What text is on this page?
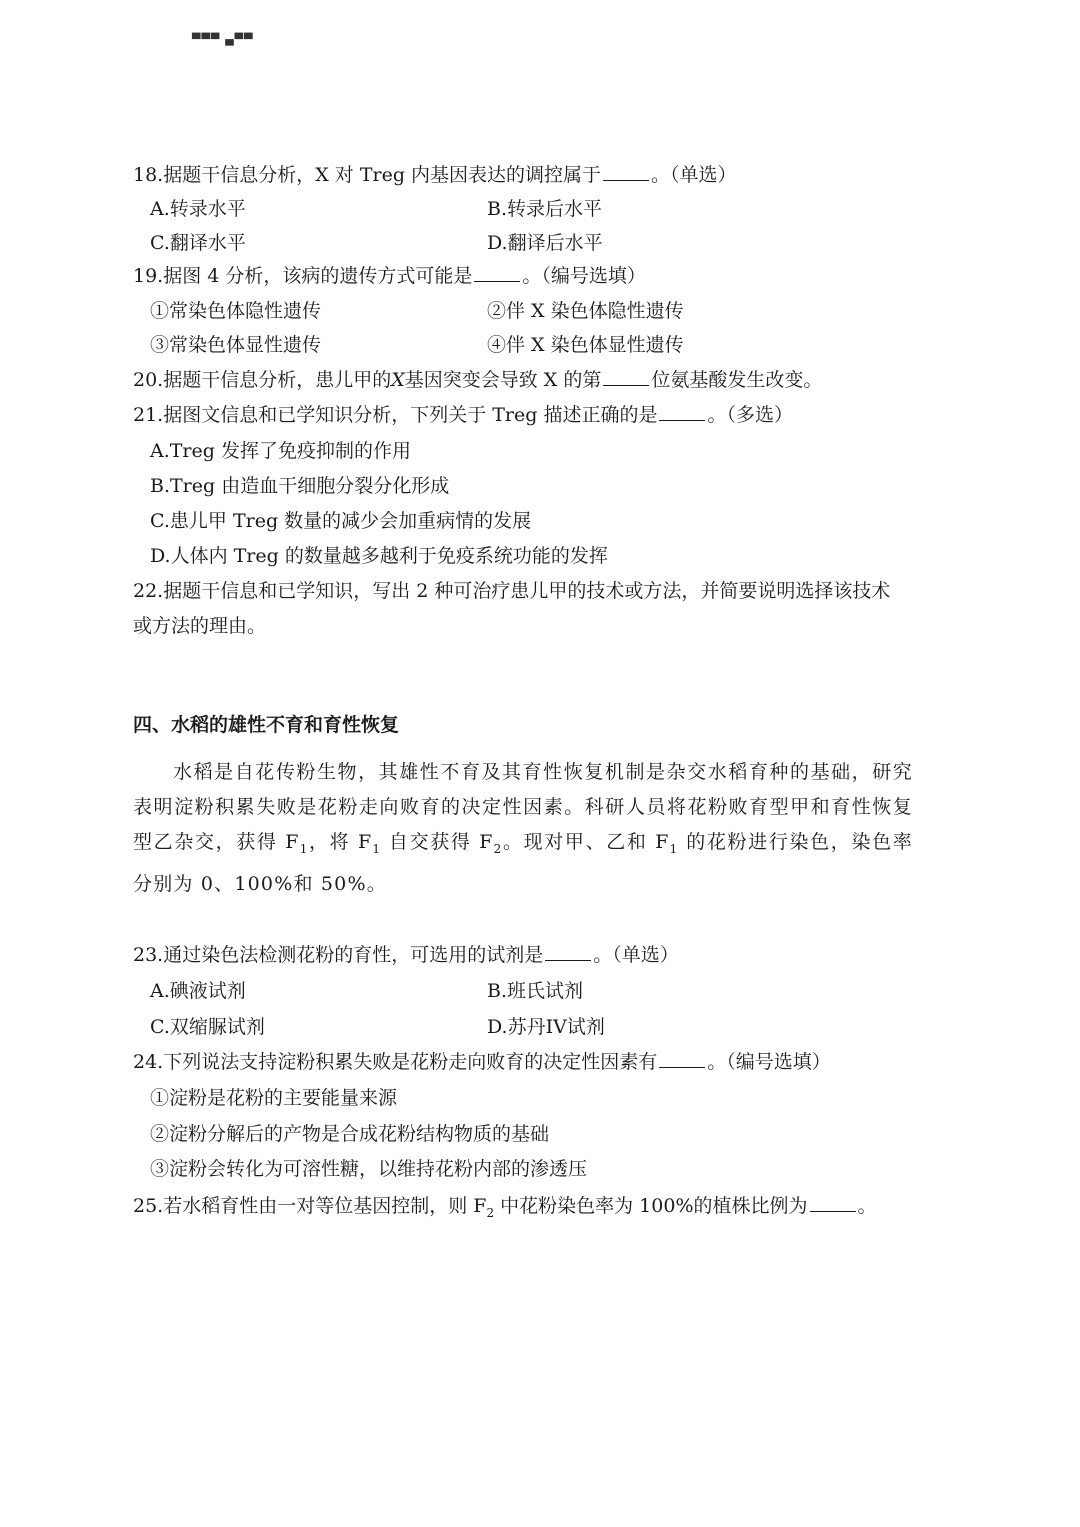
▀▀▀ ▄▀▀
18.据题干信息分析，X 对 Treg 内基因表达的调控属于	。（单选）
A.转录水平	B.转录后水平
C.翻译水平	D.翻译后水平
19.据图 4 分析，该病的遗传方式可能是	。（编号选填）
①常染色体隐性遗传	②伴 X 染色体隐性遗传
③常染色体显性遗传	④伴 X 染色体显性遗传
20.据题干信息分析，患儿甲的X基因突变会导致 X 的第	位氨基酸发生改变。
21.据图文信息和已学知识分析，下列关于 Treg 描述正确的是	。（多选）
A.Treg 发挥了免疫抑制的作用
B.Treg 由造血干细胞分裂分化形成
C.患儿甲 Treg 数量的减少会加重病情的发展
D.人体内 Treg 的数量越多越利于免疫系统功能的发挥
22.据题干信息和已学知识，写出 2 种可治疗患儿甲的技术或方法，并简要说明选择该技术
或方法的理由。
四、水稻的雄性不育和育性恢复
水稻是自花传粉生物，其雄性不育及其育性恢复机制是杂交水稻育种的基础，研究表明淀粉积累失败是花粉走向败育的决定性因素。科研人员将花粉败育型甲和育性恢复型乙杂交，获得 $F_1$，将 $F_1$ 自交获得 $F_2$。现对甲、乙和 $F_1$ 的花粉进行染色，染色率分别为 0、100%和 50%。
23.通过染色法检测花粉的育性，可选用的试剂是	。（单选）
A.碘液试剂	B.班氏试剂
C.双缩脲试剂	D.苏丹IV试剂
24.下列说法支持淀粉积累失败是花粉走向败育的决定性因素有	。（编号选填）
①淀粉是花粉的主要能量来源
②淀粉分解后的产物是合成花粉结构物质的基础
③淀粉会转化为可溶性糖，以维持花粉内部的渗透压
25.若水稻育性由一对等位基因控制，则 $F_2$ 中花粉染色率为 100%的植株比例为	。
